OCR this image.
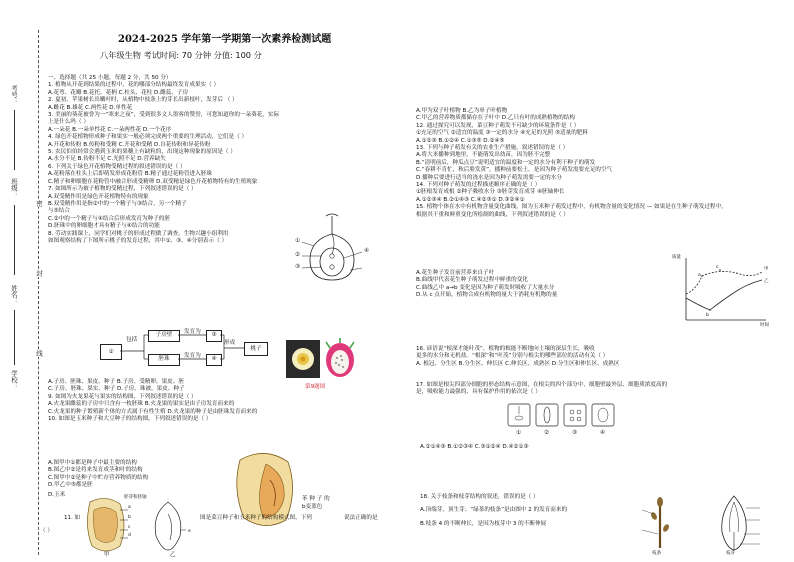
考号：
班级：
姓名：
学校：
密
封
线
2024-2025 学年第一学期第一次素养检测试题
八年级生物 考试时间: 70 分钟 分值: 100 分
一、选择题（共 25 小题，每题 2 分，共 50 分）
1. 植物从开花到结果的过程中，花的哪部分结构最终发育成果实（ ）
A.花萼、花瓣 B.花托、花柄 C.柱头、花柱 D.雌蕊、子房
2. 夏初，苹果树长出嫩叶时，从植物中枝条上的芽长出新枝叶，发芽后 （ ）
A.雌花 B.雄花 C.两性花 D.单性花
3. 美丽的葵花被誉为一“寒来之夜”，受到很多文人墨客的赞誉，可您知道你的一朵葵花，实际
上是什么吗（ ）
A.一朵花 B.一朵单性花 C.一朵两性花 D.一个花序
4. 绿色开花植物形成种子和果实一般必须完成两个重要的生理活动，它们是（ ）
A.开花和传粉 B.传粉和受精 C.开花和受精 D.自花传粉和异花传粉
5. 农民伯伯经常会遇到玉米的果穗上有缺粒的，出现这种现象的原因是（ ）
A.水分不足 B.传粉不足 C.光照不足 D.营养缺失
6. 下列关于绿色开花植物受精过程的叙述错误的是（ ）
A.花粉落在柱头上后即萌发形成花粉管 B.精子通过花粉管进入胚珠
C.精子和卵细胞在花粉管中融合形成受精卵 D.双受精是绿色开花植物特有的生殖现象
7. 如图所示为被子植物的受精过程，下列叙述错误的是（ ）
A.双受精作用是绿色开花植物特有的现象
B.双受精作用是指②中的一个精子与③结合，另一个精子
与⑤结合
C.②中的一个精子与④结合后形成发育为种子的胚
D.胚珠中的卵细胞才具有精子与④结合的功能
8. 劳动实践课上，同学们对桃子的形成过程做了调查，生物兴趣小组利用
如图观察结构了下图所示桃子的发育过程，其中①、③、④分别表示（ ）	①
②
③
④
①
包括
子房壁
胚珠
发育为
发育为
③
④
形成
桃子
第9题图
A.子房、胚珠、果皮、种子 B.子房、受精卵、果皮、胚
C.子房、胚珠、果实、种子 D.子房、珠被、果皮、种子
9. 如图为火龙果花与果实的结构图，下列叙述错误的是（ ）
A.火龙果雌蕊的子房中只含有一枚胚珠 B.火龙果的果实是由子房发育而来的
C.火龙果的种子繁殖新个体的方式属于有性生殖 D.火龙果的种子是由胚珠发育而来的
10. 如图是玉米种子和大豆种子的结构图，下列叙述错误的是（ ）
A.图甲中①都是种子中最主要的结构
B.图乙中②是将来发育成茎和叶的结构
C.图甲中②是种子中贮存营养物质的结构
D.甲乙中⑤都是胚
苯 种 子 的
b变蓝色
D.玉米
11. 如
（ ）
a
b
c
d
胚芽和胚轴
甲
e
乙
图是菜豆种子和玉米种子的结构模式图，下列	说法正确的是
A.甲为双子叶植物 B.乙为单子叶植物
C.甲乙的营养物质都储存在子叶中 D.乙只有叶的成熟植物的结构
12. 通过探究可以发现，菜豆种子萌发不可缺少的环境条件是（ ）
①充足的空气 ②适宜的温度 ③一定的水分 ④充足的光照 ⑤适量的肥料
A.①②③ B.①②④ C.①③⑤ D.②④⑤
13. 下列与种子萌发有关的农业生产措施，叙述错误的是（ ）
A.将大米播种到地里，不能萌发出幼苗，因为胚不完整
B.“清明前后，种瓜点豆”说明适宜的温度和一定的水分有利于种子的萌发
C.“春耕不肯忙，秋后脸发黄”，播种前要松土，是因为种子萌发需要充足的空气
D.播种后要进行适当的浇水是因为种子萌发需要一定的水分
14. 下列对种子萌发的过程描述顺序正确的是（ ）
①胚根发育成根 ②种子吸收水分 ③胚芽发育成芽 ④胚轴伸长
A.①②③④ B.②①④③ C.④②③① D.③②④①
15. 植物个体在水中有机物含量变化曲线，图为玉米种子萌发过程中，有机物含量的变化情况 — 如果是在生种子萌发过程中，
根据其干重和鲜重变化所绘制的曲线，下列叙述错误的是（ ）
A.花生种子发育前营养来自子叶
B.曲线甲代表花生种子萌发过程中鲜重的变化
C.曲线乙中 a→b 变化是因为种子萌发时吸收了大量水分
D.从 c 点开始，植物合成有机物的量大于消耗有机物的量
质量
时间
甲
乙
a
b
c
16. 谚语说“根深才能叶茂”，植物的根能不断地向土壤的深层生长，吸收
更多的水分和无机盐。“根深”和“叶茂”分别与根尖的哪些部位的活动有关（ ）
A. 根冠、分生区 B.分生区、伸长区 C.伸长区、成熟区 D.分生区和伸长区、成熟区
17. 如图是根尖四部分细胞的形态结构示意图，在根尖的四个部分中，细胞壁最外层、细胞质浓度高的
是，吸收能力最强的、具有保护作用的依次是（ ）
①	②	③	④
A.②①④③ B.①②③④ C.③①②④ D.④②①③
18. 关于枝条和枝芽结构的叙述，错误的是（ ）
A.顶端芽，顶生芽；“绿茶的枝条”是由图中 2 的发育而来的
B.枝条 4 的不断伸长，是因为枝芽中 3 的不断伸展
枝条	枝芽
